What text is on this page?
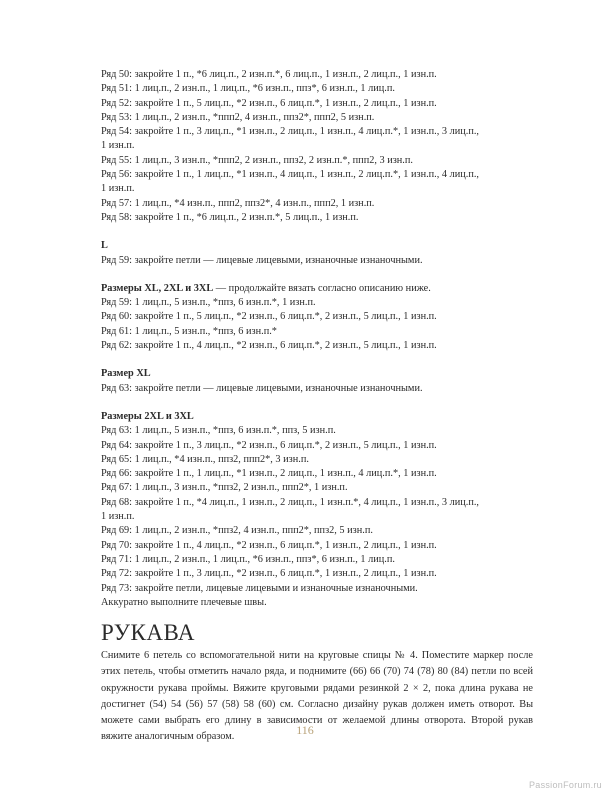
Ряд 50: закройте 1 п., *6 лиц.п., 2 изн.п.*, 6 лиц.п., 1 изн.п., 2 лиц.п., 1 изн.п.
Ряд 51: 1 лиц.п., 2 изн.п., 1 лиц.п., *6 изн.п., ппз*, 6 изн.п., 1 лиц.п.
Ряд 52: закройте 1 п., 5 лиц.п., *2 изн.п., 6 лиц.п.*, 1 изн.п., 2 лиц.п., 1 изн.п.
Ряд 53: 1 лиц.п., 2 изн.п., *ппп2, 4 изн.п., ппз2*, ппп2, 5 изн.п.
Ряд 54: закройте 1 п., 3 лиц.п., *1 изн.п., 2 лиц.п., 1 изн.п., 4 лиц.п.*, 1 изн.п., 3 лиц.п.,
1 изн.п.
Ряд 55: 1 лиц.п., 3 изн.п., *ппп2, 2 изн.п., ппз2, 2 изн.п.*, ппп2, 3 изн.п.
Ряд 56: закройте 1 п., 1 лиц.п., *1 изн.п., 4 лиц.п., 1 изн.п., 2 лиц.п.*, 1 изн.п., 4 лиц.п.,
1 изн.п.
Ряд 57: 1 лиц.п., *4 изн.п., ппп2, ппз2*, 4 изн.п., ппп2, 1 изн.п.
Ряд 58: закройте 1 п., *6 лиц.п., 2 изн.п.*, 5 лиц.п., 1 изн.п.
L
Ряд 59: закройте петли — лицевые лицевыми, изнаночные изнаночными.
Размеры XL, 2XL и 3XL — продолжайте вязать согласно описанию ниже.
Ряд 59: 1 лиц.п., 5 изн.п., *ппз, 6 изн.п.*, 1 изн.п.
Ряд 60: закройте 1 п., 5 лиц.п., *2 изн.п., 6 лиц.п.*, 2 изн.п., 5 лиц.п., 1 изн.п.
Ряд 61: 1 лиц.п., 5 изн.п., *ппз, 6 изн.п.*
Ряд 62: закройте 1 п., 4 лиц.п., *2 изн.п., 6 лиц.п.*, 2 изн.п., 5 лиц.п., 1 изн.п.
Размер XL
Ряд 63: закройте петли — лицевые лицевыми, изнаночные изнаночными.
Размеры 2XL и 3XL
Ряд 63: 1 лиц.п., 5 изн.п., *ппз, 6 изн.п.*, ппз, 5 изн.п.
Ряд 64: закройте 1 п., 3 лиц.п., *2 изн.п., 6 лиц.п.*, 2 изн.п., 5 лиц.п., 1 изн.п.
Ряд 65: 1 лиц.п., *4 изн.п., ппз2, ппп2*, 3 изн.п.
Ряд 66: закройте 1 п., 1 лиц.п., *1 изн.п., 2 лиц.п., 1 изн.п., 4 лиц.п.*, 1 изн.п.
Ряд 67: 1 лиц.п., 3 изн.п., *ппз2, 2 изн.п., ппп2*, 1 изн.п.
Ряд 68: закройте 1 п., *4 лиц.п., 1 изн.п., 2 лиц.п., 1 изн.п.*, 4 лиц.п., 1 изн.п., 3 лиц.п.,
1 изн.п.
Ряд 69: 1 лиц.п., 2 изн.п., *ппз2, 4 изн.п., ппп2*, ппз2, 5 изн.п.
Ряд 70: закройте 1 п., 4 лиц.п., *2 изн.п., 6 лиц.п.*, 1 изн.п., 2 лиц.п., 1 изн.п.
Ряд 71: 1 лиц.п., 2 изн.п., 1 лиц.п., *6 изн.п., ппз*, 6 изн.п., 1 лиц.п.
Ряд 72: закройте 1 п., 3 лиц.п., *2 изн.п., 6 лиц.п.*, 1 изн.п., 2 лиц.п., 1 изн.п.
Ряд 73: закройте петли, лицевые лицевыми и изнаночные изнаночными.
Аккуратно выполните плечевые швы.
РУКАВА
Снимите 6 петель со вспомогательной нити на круговые спицы № 4. Поместите маркер после этих петель, чтобы отметить начало ряда, и поднимите (66) 66 (70) 74 (78) 80 (84) петли по всей окружности рукава проймы. Вяжите круговыми рядами резинкой 2 × 2, пока длина рукава не достигнет (54) 54 (56) 57 (58) 58 (60) см. Согласно дизайну рукав должен иметь отворот. Вы можете сами выбрать его длину в зависимости от желаемой длины отворота. Второй рукав вяжите аналогичным образом.	116
PassionForum.ru
